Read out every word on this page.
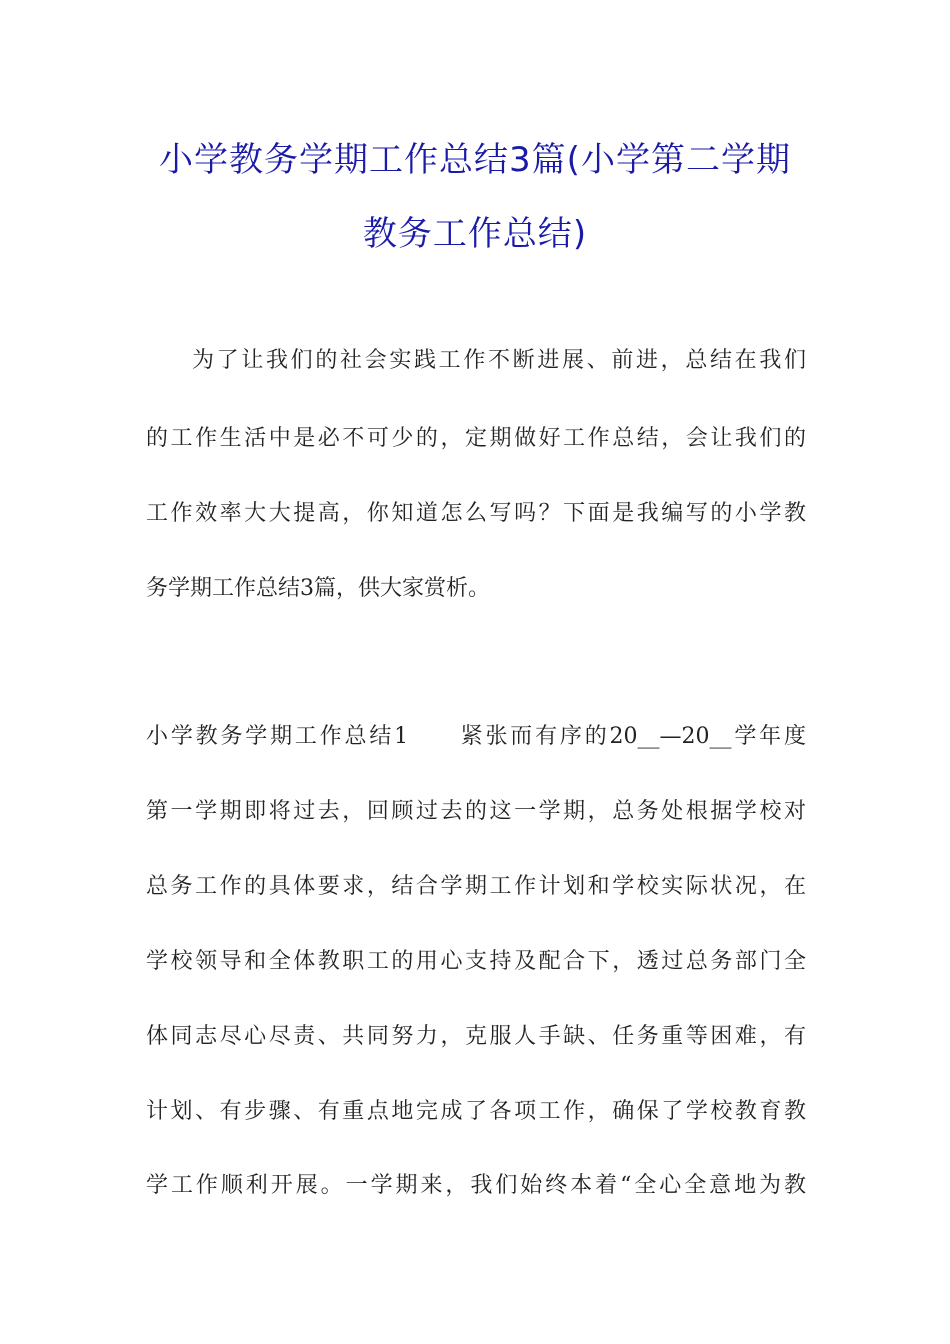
小学教务学期工作总结3篇(小学第二学期
教务工作总结)
为了让我们的社会实践工作不断进展、前进，总结在我们
的工作生活中是必不可少的，定期做好工作总结，会让我们的
工作效率大大提高，你知道怎么写吗？下面是我编写的小学教
务学期工作总结3篇，供大家赏析。
小学教务学期工作总结1　　紧张而有序的20__—20__学年度
第一学期即将过去，回顾过去的这一学期，总务处根据学校对
总务工作的具体要求，结合学期工作计划和学校实际状况，在
学校领导和全体教职工的用心支持及配合下，透过总务部门全
体同志尽心尽责、共同努力，克服人手缺、任务重等困难，有
计划、有步骤、有重点地完成了各项工作，确保了学校教育教
学工作顺利开展。一学期来，我们始终本着“全心全意地为教
